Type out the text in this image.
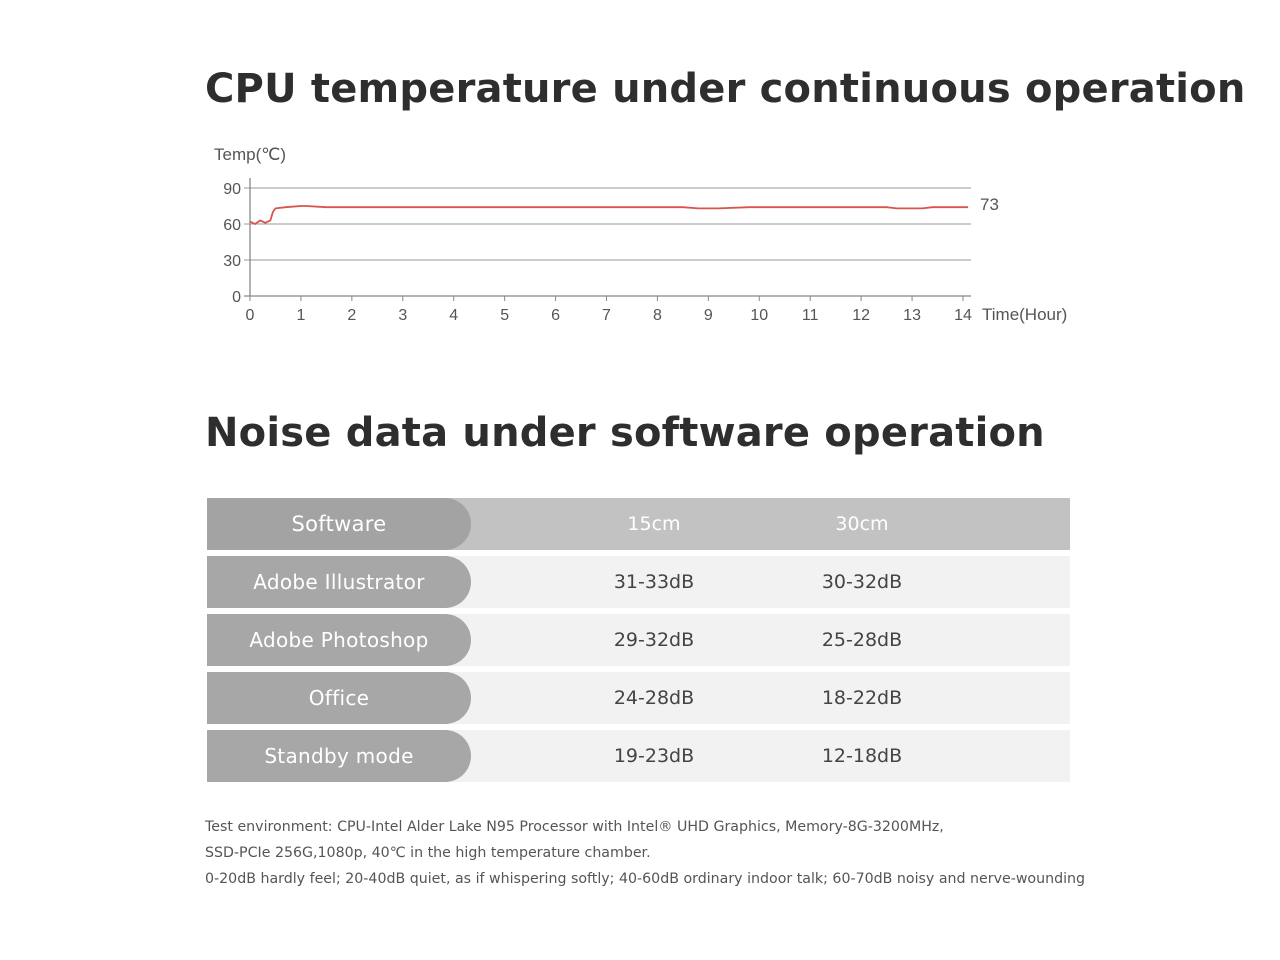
CPU temperature under continuous operation
0
30
60
90
0	1	2	3	4	5	6	7	8	9 10 11 12 13 14
Temp(℃)
Time(Hour)
73
Noise data under software operation
Software	15cm	30cm
Adobe Illustrator	31-33dB	30-32dB
Adobe Photoshop	29-32dB	25-28dB
Office	24-28dB	18-22dB
Standby mode	19-23dB	12-18dB
Test environment: CPU-Intel Alder Lake N95 Processor with Intel® UHD Graphics, Memory-8G-3200MHz,
SSD-PCIe 256G,1080p, 40℃ in the high temperature chamber.
0-20dB hardly feel; 20-40dB quiet, as if whispering softly; 40-60dB ordinary indoor talk; 60-70dB noisy and nerve-wounding
